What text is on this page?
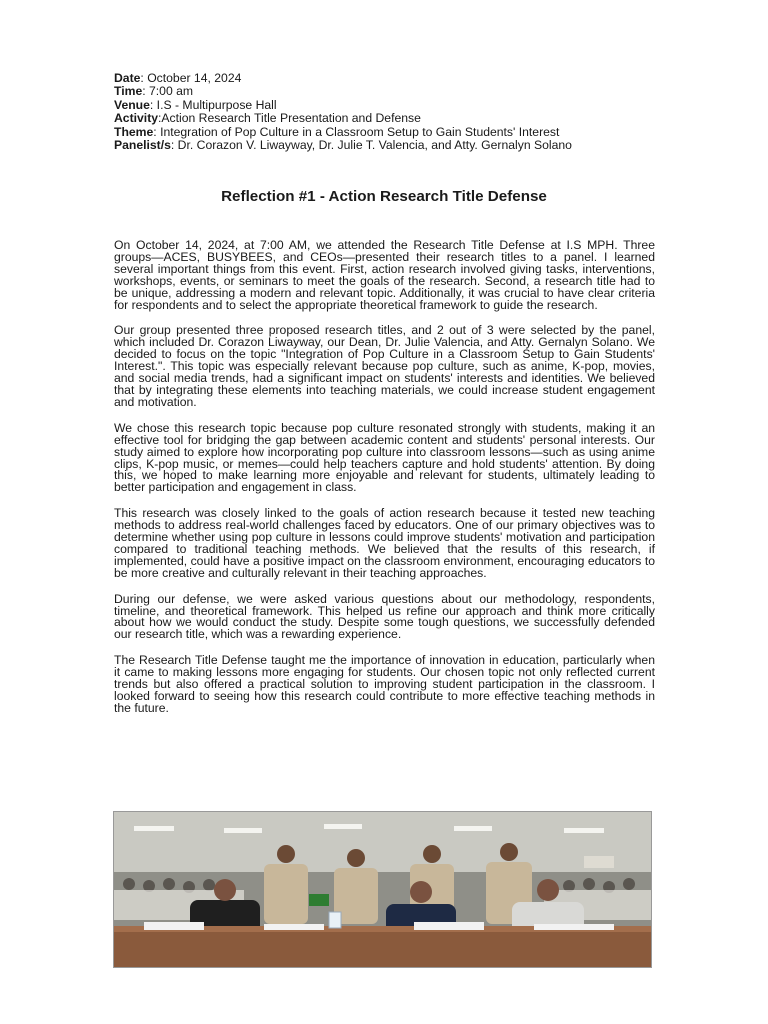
Date: October 14, 2024
Time: 7:00 am
Venue: I.S - Multipurpose Hall
Activity:Action Research Title Presentation and Defense
Theme: Integration of Pop Culture in a Classroom Setup to Gain Students' Interest
Panelist/s: Dr. Corazon V. Liwayway, Dr. Julie T. Valencia, and Atty. Gernalyn Solano
Reflection #1 - Action Research Title Defense

On October 14, 2024, at 7:00 AM, we attended the Research Title Defense at I.S MPH. Three groups—ACES, BUSYBEES, and CEOs—presented their research titles to a panel. I learned several important things from this event. First, action research involved giving tasks, interventions, workshops, events, or seminars to meet the goals of the research. Second, a research title had to be unique, addressing a modern and relevant topic. Additionally, it was crucial to have clear criteria for respondents and to select the appropriate theoretical framework to guide the research.

Our group presented three proposed research titles, and 2 out of 3 were selected by the panel, which included Dr. Corazon Liwayway, our Dean, Dr. Julie Valencia, and Atty. Gernalyn Solano. We decided to focus on the topic "Integration of Pop Culture in a Classroom Setup to Gain Students' Interest.". This topic was especially relevant because pop culture, such as anime, K-pop, movies, and social media trends, had a significant impact on students' interests and identities. We believed that by integrating these elements into teaching materials, we could increase student engagement and motivation.

We chose this research topic because pop culture resonated strongly with students, making it an effective tool for bridging the gap between academic content and students' personal interests. Our study aimed to explore how incorporating pop culture into classroom lessons—such as using anime clips, K-pop music, or memes—could help teachers capture and hold students' attention. By doing this, we hoped to make learning more enjoyable and relevant for students, ultimately leading to better participation and engagement in class.

This research was closely linked to the goals of action research because it tested new teaching methods to address real-world challenges faced by educators. One of our primary objectives was to determine whether using pop culture in lessons could improve students' motivation and participation compared to traditional teaching methods. We believed that the results of this research, if implemented, could have a positive impact on the classroom environment, encouraging educators to be more creative and culturally relevant in their teaching approaches.

During our defense, we were asked various questions about our methodology, respondents, timeline, and theoretical framework. This helped us refine our approach and think more critically about how we would conduct the study. Despite some tough questions, we successfully defended our research title, which was a rewarding experience.

The Research Title Defense taught me the importance of innovation in education, particularly when it came to making lessons more engaging for students. Our chosen topic not only reflected current trends but also offered a practical solution to improving student participation in the classroom. I looked forward to seeing how this research could contribute to more effective teaching methods in the future.
